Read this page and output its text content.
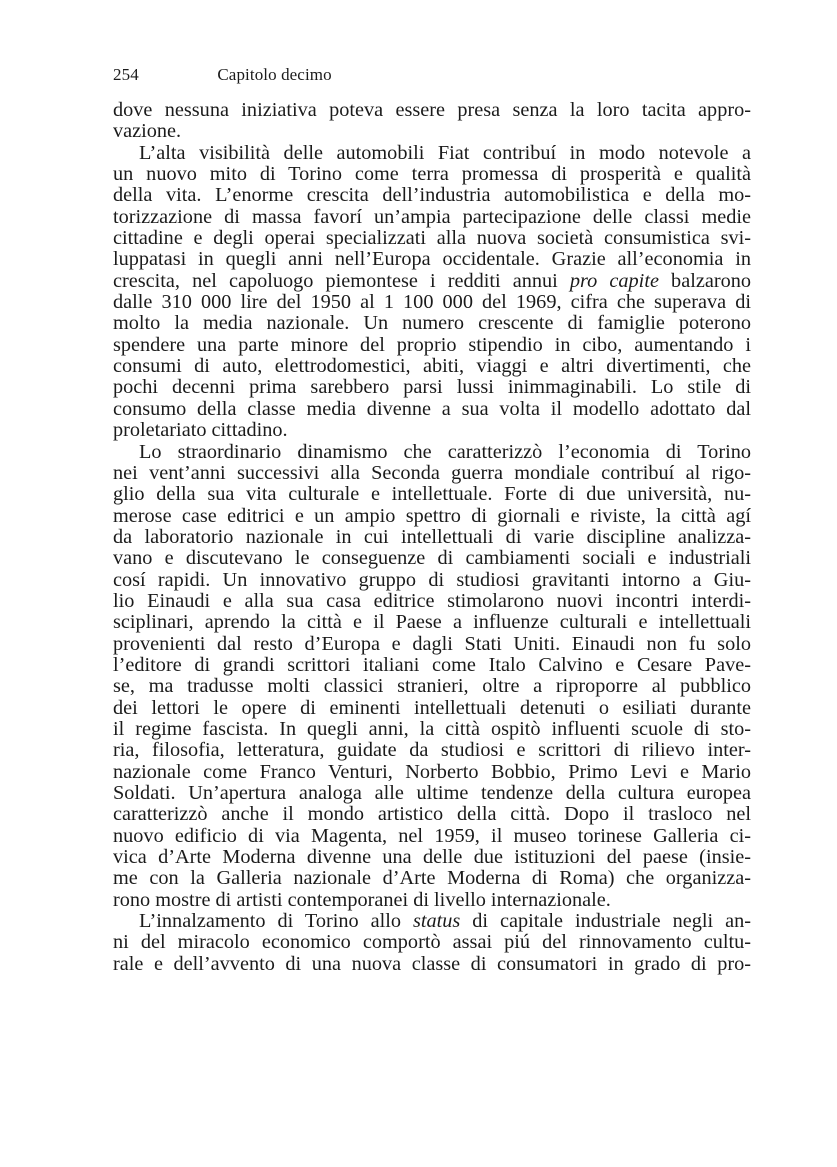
254	Capitolo decimo

dove nessuna iniziativa poteva essere presa senza la loro tacita appro-

vazione.

L’alta visibilità delle automobili Fiat contribuí in modo notevole a

un nuovo mito di Torino come terra promessa di prosperità e qualità

della vita. L’enorme crescita dell’industria automobilistica e della mo-

torizzazione di massa favorí un’ampia partecipazione delle classi medie

cittadine e degli operai specializzati alla nuova società consumistica svi-

luppatasi in quegli anni nell’Europa occidentale. Grazie all’economia in

crescita, nel capoluogo piemontese i redditi annui pro capite balzarono

dalle 310 000 lire del 1950 al 1 100 000 del 1969, cifra che superava di

molto la media nazionale. Un numero crescente di famiglie poterono

spendere una parte minore del proprio stipendio in cibo, aumentando i

consumi di auto, elettrodomestici, abiti, viaggi e altri divertimenti, che

pochi decenni prima sarebbero parsi lussi inimmaginabili. Lo stile di

consumo della classe media divenne a sua volta il modello adottato dal

proletariato cittadino.

Lo straordinario dinamismo che caratterizzò l’economia di Torino

nei vent’anni successivi alla Seconda guerra mondiale contribuí al rigo-

glio della sua vita culturale e intellettuale. Forte di due università, nu-

merose case editrici e un ampio spettro di giornali e riviste, la città agí

da laboratorio nazionale in cui intellettuali di varie discipline analizza-

vano e discutevano le conseguenze di cambiamenti sociali e industriali

cosí rapidi. Un innovativo gruppo di studiosi gravitanti intorno a Giu-

lio Einaudi e alla sua casa editrice stimolarono nuovi incontri interdi-

sciplinari, aprendo la città e il Paese a influenze culturali e intellettuali

provenienti dal resto d’Europa e dagli Stati Uniti. Einaudi non fu solo

l’editore di grandi scrittori italiani come Italo Calvino e Cesare Pave-

se, ma tradusse molti classici stranieri, oltre a riproporre al pubblico

dei lettori le opere di eminenti intellettuali detenuti o esiliati durante

il regime fascista. In quegli anni, la città ospitò influenti scuole di sto-

ria, filosofia, letteratura, guidate da studiosi e scrittori di rilievo inter-

nazionale come Franco Venturi, Norberto Bobbio, Primo Levi e Mario

Soldati. Un’apertura analoga alle ultime tendenze della cultura europea

caratterizzò anche il mondo artistico della città. Dopo il trasloco nel

nuovo edificio di via Magenta, nel 1959, il museo torinese Galleria ci-

vica d’Arte Moderna divenne una delle due istituzioni del paese (insie-

me con la Galleria nazionale d’Arte Moderna di Roma) che organizza-

rono mostre di artisti contemporanei di livello internazionale.

L’innalzamento di Torino allo status di capitale industriale negli an-

ni del miracolo economico comportò assai piú del rinnovamento cultu-

rale e dell’avvento di una nuova classe di consumatori in grado di pro-
